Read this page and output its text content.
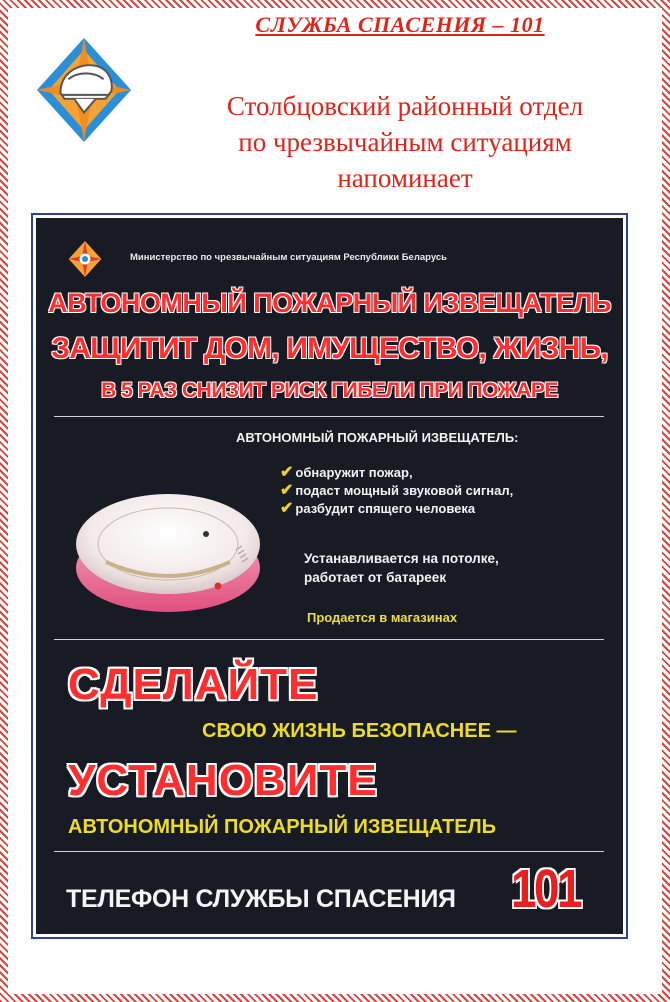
СЛУЖБА СПАСЕНИЯ – 101
Столбцовский районный отдел
по чрезвычайным ситуациям
напоминает
Министерство по чрезвычайным ситуациям Республики Беларусь
АВТОНОМНЫЙ ПОЖАРНЫЙ ИЗВЕЩАТЕЛЬ
ЗАЩИТИТ ДОМ, ИМУЩЕСТВО, ЖИЗНЬ,
В 5 РАЗ СНИЗИТ РИСК ГИБЕЛИ ПРИ ПОЖАРЕ
АВТОНОМНЫЙ ПОЖАРНЫЙ ИЗВЕЩАТЕЛЬ:
✔ обнаружит пожар,
✔ подаст мощный звуковой сигнал,
✔ разбудит спящего человека
Устанавливается на потолке,
работает от батареек
Продается в магазинах
СДЕЛАЙТЕ
СВОЮ ЖИЗНЬ БЕЗОПАСНЕЕ —
УСТАНОВИТЕ
АВТОНОМНЫЙ ПОЖАРНЫЙ ИЗВЕЩАТЕЛЬ
ТЕЛЕФОН СЛУЖБЫ СПАСЕНИЯ 101
